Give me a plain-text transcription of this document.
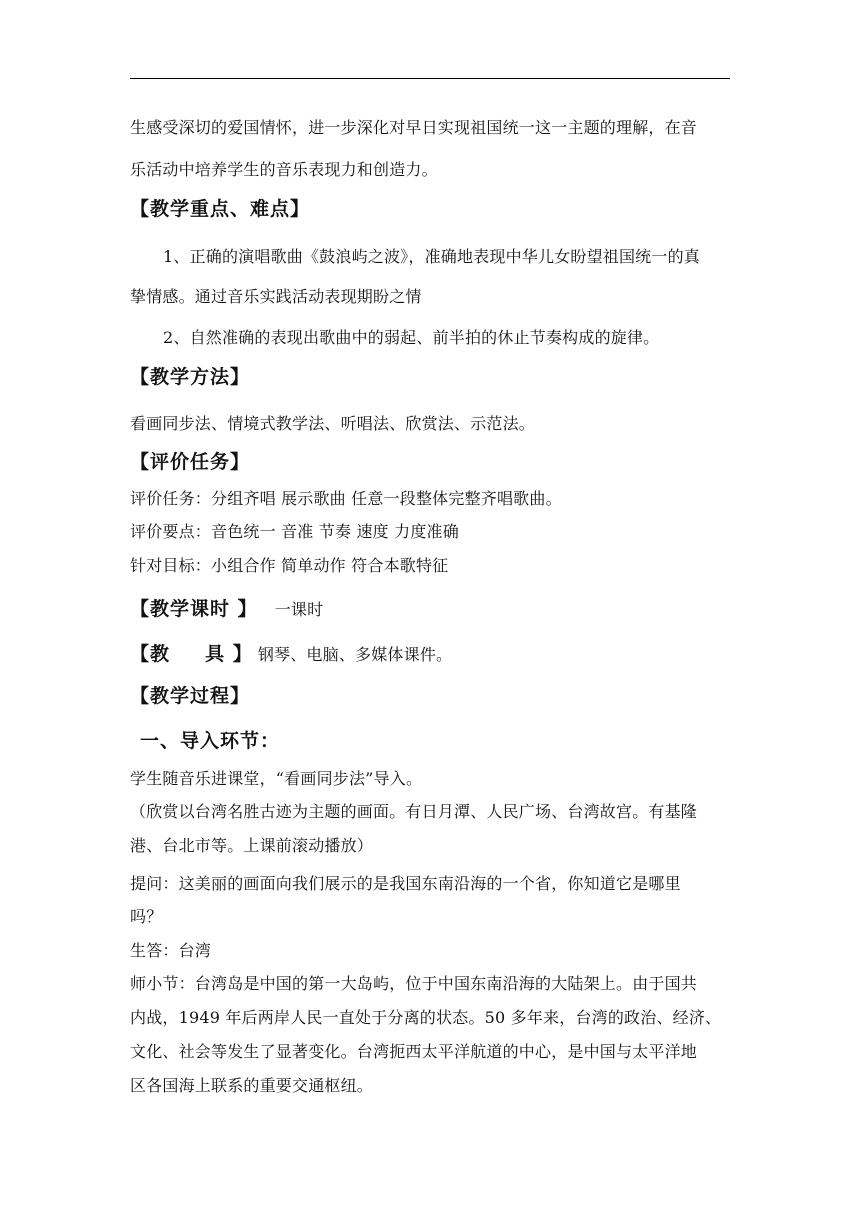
生感受深切的爱国情怀，进一步深化对早日实现祖国统一这一主题的理解，在音

乐活动中培养学生的音乐表现力和创造力。

【教学重点、难点】

1、正确的演唱歌曲《鼓浪屿之波》，准确地表现中华儿女盼望祖国统一的真

挚情感。通过音乐实践活动表现期盼之情

2、自然准确的表现出歌曲中的弱起、前半拍的休止节奏构成的旋律。

【教学方法】

看画同步法、情境式教学法、听唱法、欣赏法、示范法。

【评价任务】

评价任务：分组齐唱 展示歌曲 任意一段整体完整齐唱歌曲。

评价要点：音色统一 音准 节奏 速度 力度准确

针对目标：小组合作 简单动作 符合本歌特征

【教学课时 】 一课时

【教 具 】 钢琴、电脑、多媒体课件。

【教学过程】

一、导入环节：

学生随音乐进课堂，“看画同步法”导入。

（欣赏以台湾名胜古迹为主题的画面。有日月潭、人民广场、台湾故宫。有基隆

港、台北市等。上课前滚动播放）

提问：这美丽的画面向我们展示的是我国东南沿海的一个省，你知道它是哪里

吗？

生答：台湾

师小节：台湾岛是中国的第一大岛屿，位于中国东南沿海的大陆架上。由于国共

内战，1949 年后两岸人民一直处于分离的状态。50 多年来，台湾的政治、经济、

文化、社会等发生了显著变化。台湾扼西太平洋航道的中心，是中国与太平洋地

区各国海上联系的重要交通枢纽。
